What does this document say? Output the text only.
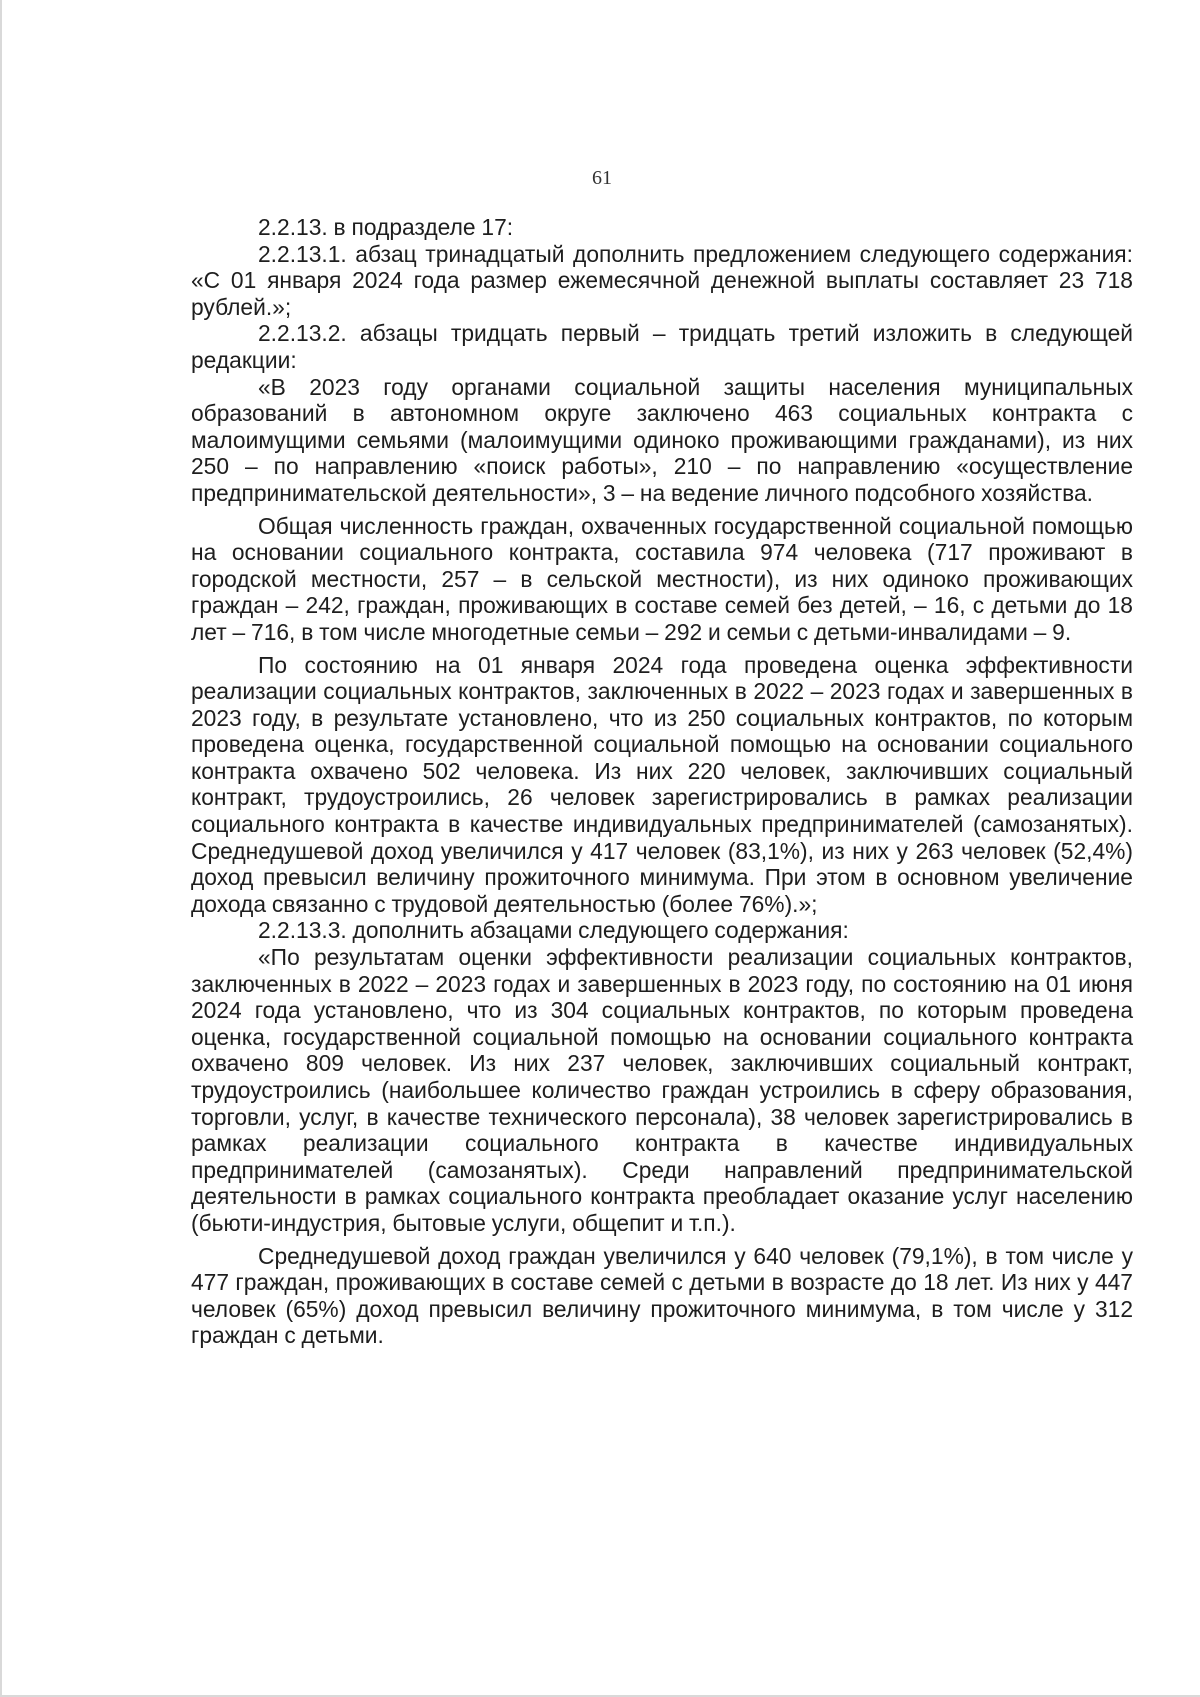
61

2.2.13. в подразделе 17:

2.2.13.1. абзац тринадцатый дополнить предложением следующего содержания: «С 01 января 2024 года размер ежемесячной денежной выплаты составляет 23 718 рублей.»;

2.2.13.2. абзацы тридцать первый – тридцать третий изложить в следующей редакции:

«В 2023 году органами социальной защиты населения муниципальных образований в автономном округе заключено 463 социальных контракта с малоимущими семьями (малоимущими одиноко проживающими гражданами), из них 250 – по направлению «поиск работы», 210 – по направлению «осуществление предпринимательской деятельности», 3 – на ведение личного подсобного хозяйства.

Общая численность граждан, охваченных государственной социальной помощью на основании социального контракта, составила 974 человека (717 проживают в городской местности, 257 – в сельской местности), из них одиноко проживающих граждан – 242, граждан, проживающих в составе семей без детей, – 16, с детьми до 18 лет – 716, в том числе многодетные семьи – 292 и семьи с детьми-инвалидами – 9.

По состоянию на 01 января 2024 года проведена оценка эффективности реализации социальных контрактов, заключенных в 2022 – 2023 годах и завершенных в 2023 году, в результате установлено, что из 250 социальных контрактов, по которым проведена оценка, государственной социальной помощью на основании социального контракта охвачено 502 человека. Из них 220 человек, заключивших социальный контракт, трудоустроились, 26 человек зарегистрировались в рамках реализации социального контракта в качестве индивидуальных предпринимателей (самозанятых). Среднедушевой доход увеличился у 417 человек (83,1%), из них у 263 человек (52,4%) доход превысил величину прожиточного минимума. При этом в основном увеличение дохода связанно с трудовой деятельностью (более 76%).»;

2.2.13.3. дополнить абзацами следующего содержания:

«По результатам оценки эффективности реализации социальных контрактов, заключенных в 2022 – 2023 годах и завершенных в 2023 году, по состоянию на 01 июня 2024 года установлено, что из 304 социальных контрактов, по которым проведена оценка, государственной социальной помощью на основании социального контракта охвачено 809 человек. Из них 237 человек, заключивших социальный контракт, трудоустроились (наибольшее количество граждан устроились в сферу образования, торговли, услуг, в качестве технического персонала), 38 человек зарегистрировались в рамках реализации социального контракта в качестве индивидуальных предпринимателей (самозанятых). Среди направлений предпринимательской деятельности в рамках социального контракта преобладает оказание услуг населению (бьюти-индустрия, бытовые услуги, общепит и т.п.).

Среднедушевой доход граждан увеличился у 640 человек (79,1%), в том числе у 477 граждан, проживающих в составе семей с детьми в возрасте до 18 лет. Из них у 447 человек (65%) доход превысил величину прожиточного минимума, в том числе у 312 граждан с детьми.
